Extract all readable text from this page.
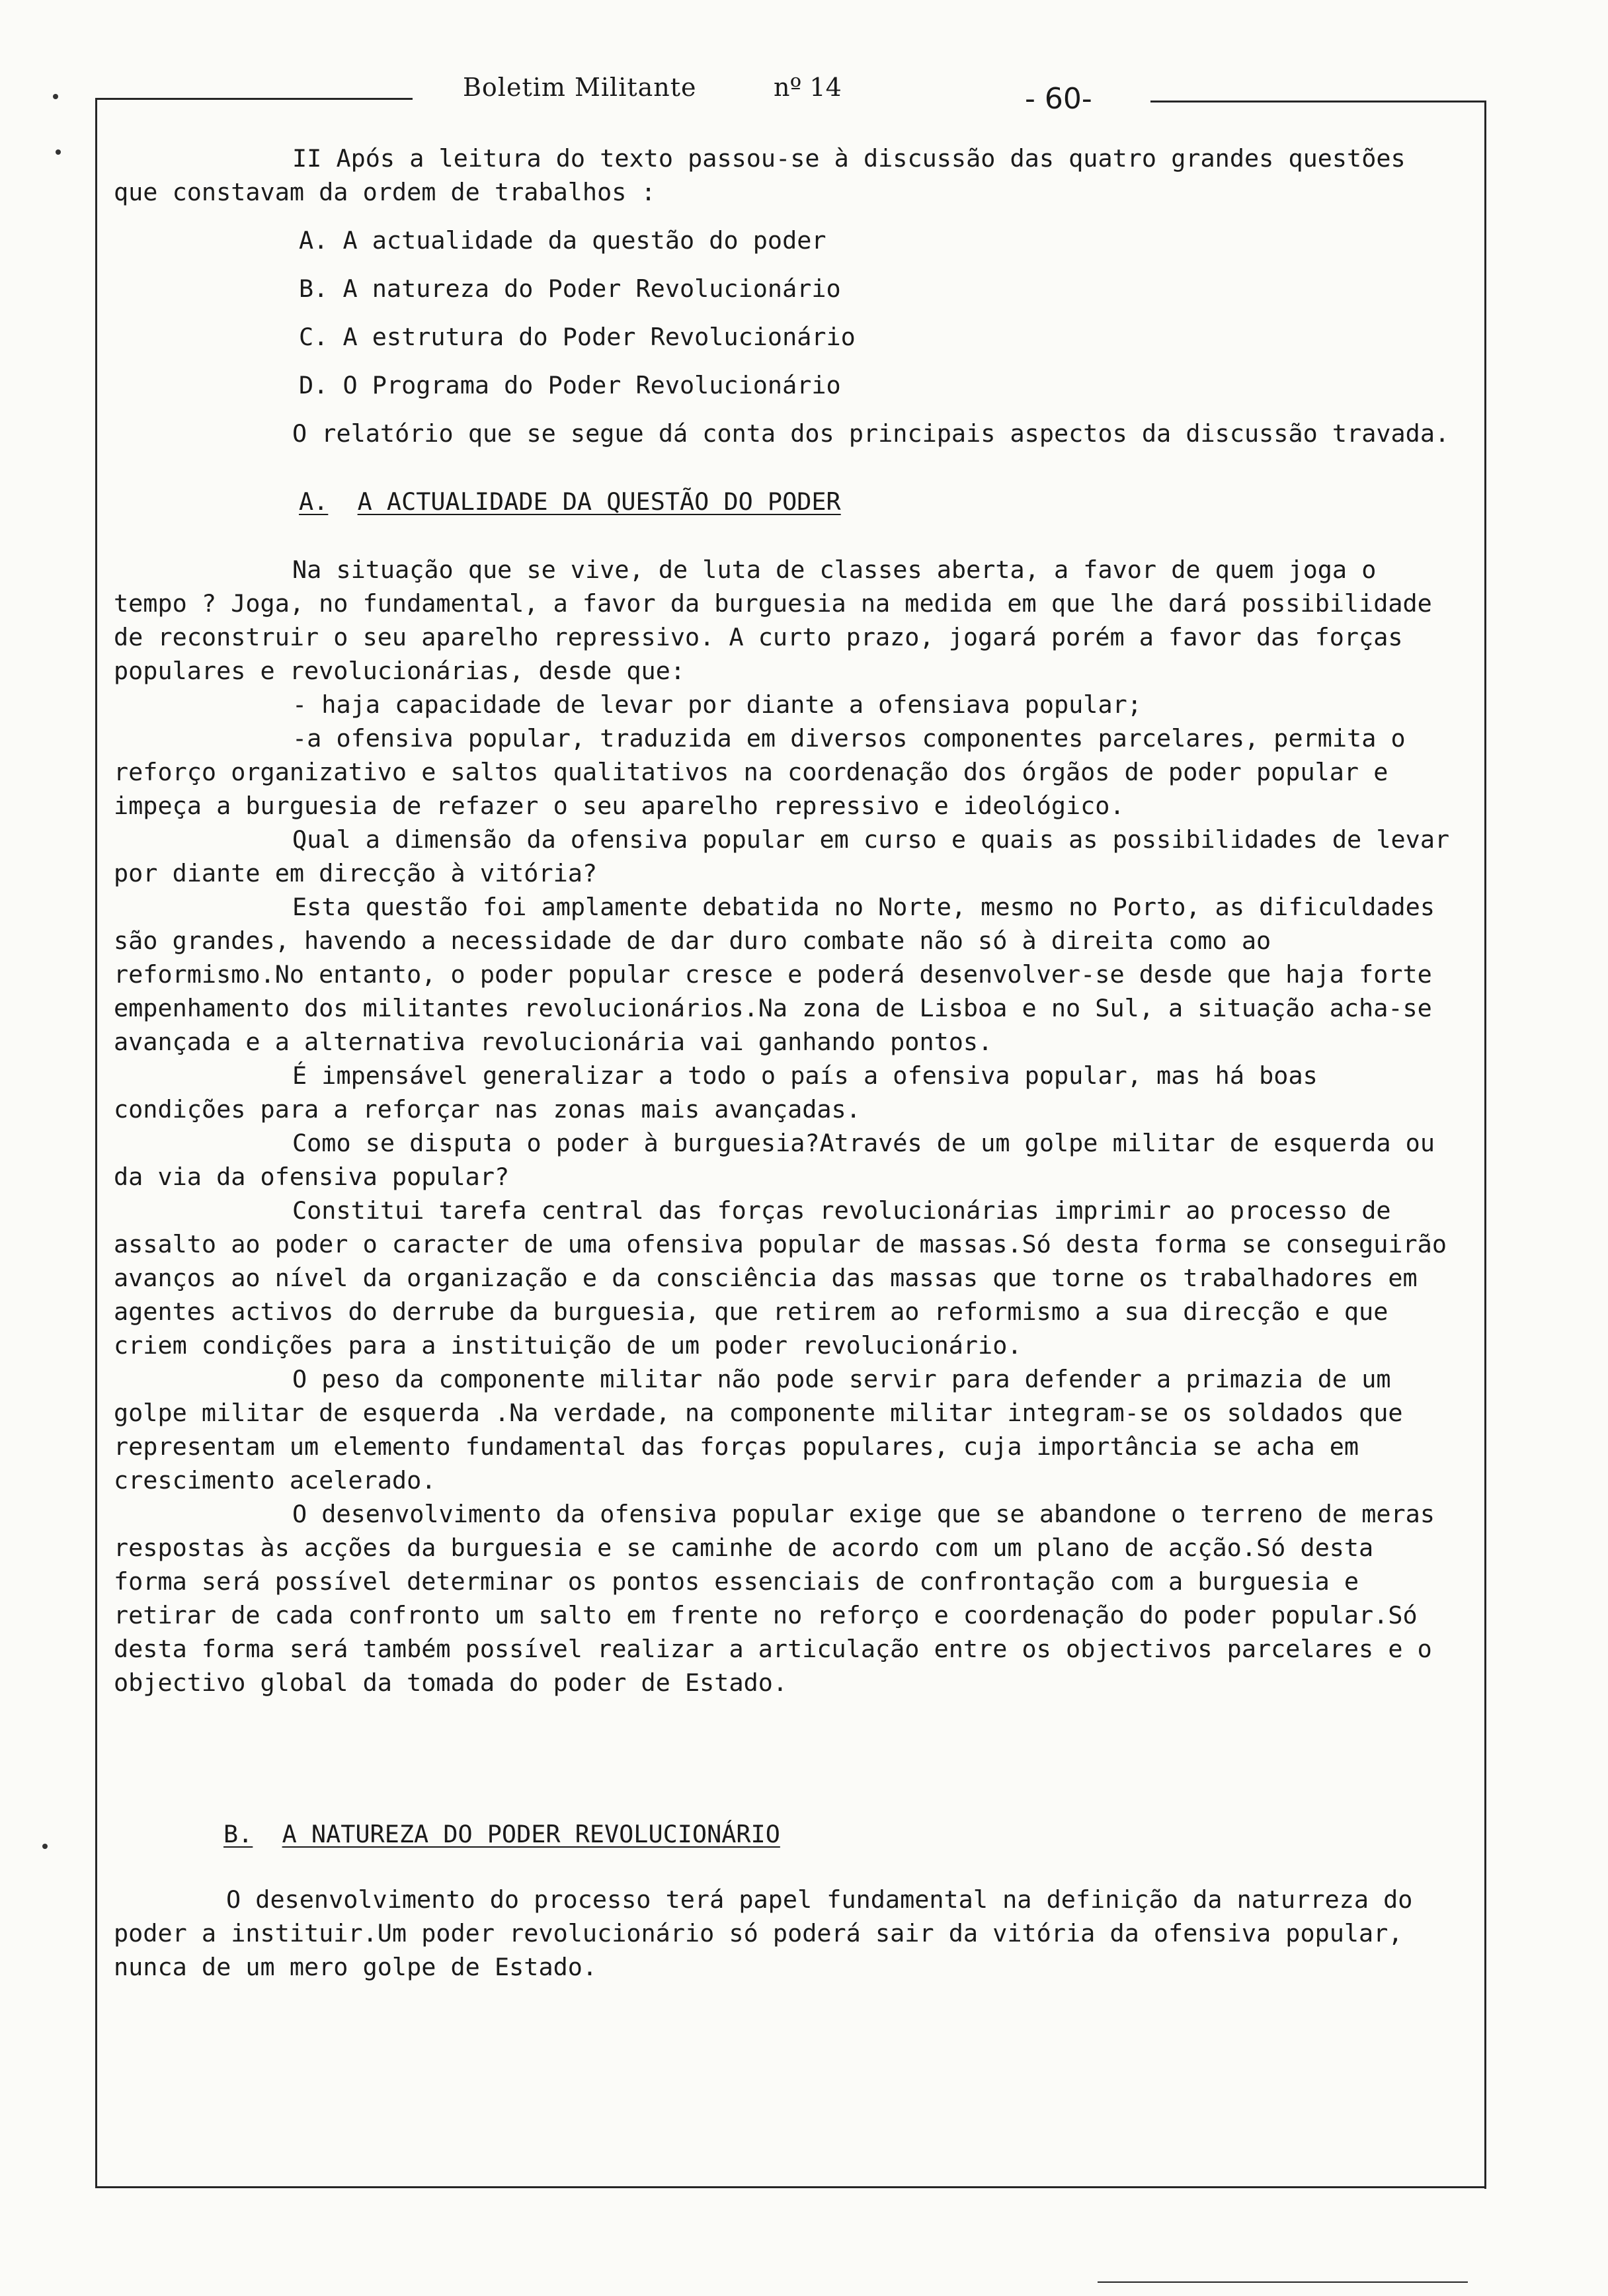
Boletim Militante	nº 14	- 60-

II Após a leitura do texto passou-se à discussão das quatro grandes questões que constavam da ordem de trabalhos :

A. A actualidade da questão do poder

B. A natureza do Poder Revolucionário

C. A estrutura do Poder Revolucionário

D. O Programa do Poder Revolucionário

O relatório que se segue dá conta dos principais aspectos da discussão travada.

A. A ACTUALIDADE DA QUESTÃO DO PODER

Na situação que se vive, de luta de classes aberta, a favor de quem joga o tempo ? Joga, no fundamental, a favor da burguesia na medida em que lhe dará possibilidade de reconstruir o seu aparelho repressivo. A curto prazo, jogará porém a favor das forças populares e revolucionárias, desde que:

- haja capacidade de levar por diante a ofensiava popular;

-a ofensiva popular, traduzida em diversos componentes parcelares, permita o reforço organizativo e saltos qualitativos na coordenação dos órgãos de poder popular e impeça a burguesia de refazer o seu aparelho repressivo e ideológico.

Qual a dimensão da ofensiva popular em curso e quais as possibilidades de levar por diante em direcção à vitória?

Esta questão foi amplamente debatida no Norte, mesmo no Porto, as dificuldades são grandes, havendo a necessidade de dar duro combate não só à direita como ao reformismo.No entanto, o poder popular cresce e poderá desenvolver-se desde que haja forte empenhamento dos militantes revolucionários.Na zona de Lisboa e no Sul, a situação acha-se avançada e a alternativa revolucionária vai ganhando pontos.

É impensável generalizar a todo o país a ofensiva popular, mas há boas condições para a reforçar nas zonas mais avançadas.

Como se disputa o poder à burguesia?Através de um golpe militar de esquerda ou da via da ofensiva popular?

Constitui tarefa central das forças revolucionárias imprimir ao processo de assalto ao poder o caracter de uma ofensiva popular de massas.Só desta forma se conseguirão avanços ao nível da organização e da consciência das massas que torne os trabalhadores em agentes activos do derrube da burguesia, que retirem ao reformismo a sua direcção e que criem condições para a instituição de um poder revolucionário.

O peso da componente militar não pode servir para defender a primazia de um golpe militar de esquerda .Na verdade, na componente militar integram-se os soldados que representam um elemento fundamental das forças populares, cuja importância se acha em crescimento acelerado.

O desenvolvimento da ofensiva popular exige que se abandone o terreno de meras respostas às acções da burguesia e se caminhe de acordo com um plano de acção.Só desta forma será possível determinar os pontos essenciais de confrontação com a burguesia e retirar de cada confronto um salto em frente no reforço e coordenação do poder popular.Só desta forma será também possível realizar a articulação entre os objectivos parcelares e o objectivo global da tomada do poder de Estado.

B. A NATUREZA DO PODER REVOLUCIONÁRIO

O desenvolvimento do processo terá papel fundamental na definição da naturreza do poder a instituir.Um poder revolucionário só poderá sair da vitória da ofensiva popular, nunca de um mero golpe de Estado.
